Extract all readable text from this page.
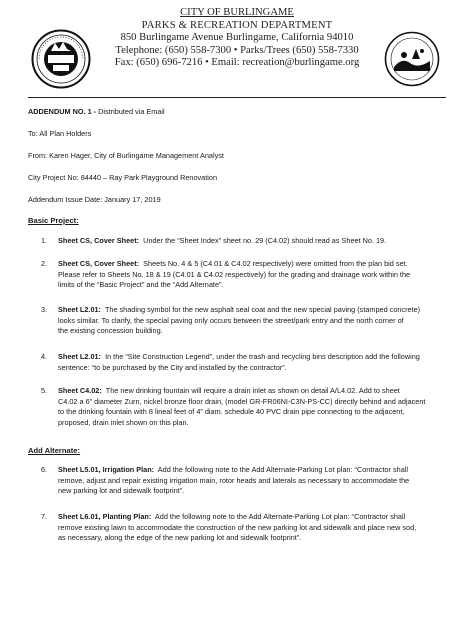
CITY OF BURLINGAME
PARKS & RECREATION DEPARTMENT
850 Burlingame Avenue Burlingame, California 94010
Telephone: (650) 558-7300 • Parks/Trees (650) 558-7330
Fax: (650) 696-7216 • Email: recreation@burlingame.org
ADDENDUM NO. 1 - Distributed via Email
To: All Plan Holders
From: Karen Hager, City of Burlingame Management Analyst
City Project No: 84440 – Ray Park Playground Renovation
Addendum Issue Date: January 17, 2019
Basic Project:
1. Sheet CS, Cover Sheet: Under the “Sheet Index” sheet no. 29 (C4.02) should read as Sheet No. 19.
2. Sheet CS, Cover Sheet: Sheets No. 4 & 5 (C4.01 & C4.02 respectively) were omitted from the plan bid set.
Please refer to Sheets No. 18 & 19 (C4.01 & C4.02 respectively) for the grading and drainage work within the
limits of the “Basic Project” and the “Add Alternate”.
3. Sheet L2.01: The shading symbol for the new asphalt seal coat and the new special paving (stamped concrete)
looks similar. To clarify, the special paving only occurs between the street/park entry and the north corner of
the existing concession building.
4. Sheet L2.01: In the “Site Construction Legend”, under the trash and recycling bins description add the following
sentence: “to be purchased by the City and installed by the contractor”.
5. Sheet C4.02: The new drinking fountain will require a drain inlet as shown on detail A/L4.02. Add to sheet
C4.02 a 6” diameter Zurn, nickel bronze floor drain, (model GR-FR06NI-C3N-PS-CC) directly behind and adjacent
to the drinking fountain with 8 lineal feet of 4” diam. schedule 40 PVC drain pipe connecting to the adjacent,
proposed, drain inlet shown on this plan.
Add Alternate:
6. Sheet L5.01, Irrigation Plan: Add the following note to the Add Alternate-Parking Lot plan: “Contractor shall
remove, adjust and repair existing irrigation main, rotor heads and laterals as necessary to accommodate the
new parking lot and sidewalk footprint”.
7. Sheet L6.01, Planting Plan: Add the following note to the Add Alternate-Parking Lot plan: “Contractor shall
remove existing lawn to accommodate the construction of the new parking lot and sidewalk and place new sod,
as necessary, along the edge of the new parking lot and sidewalk footprint”.
